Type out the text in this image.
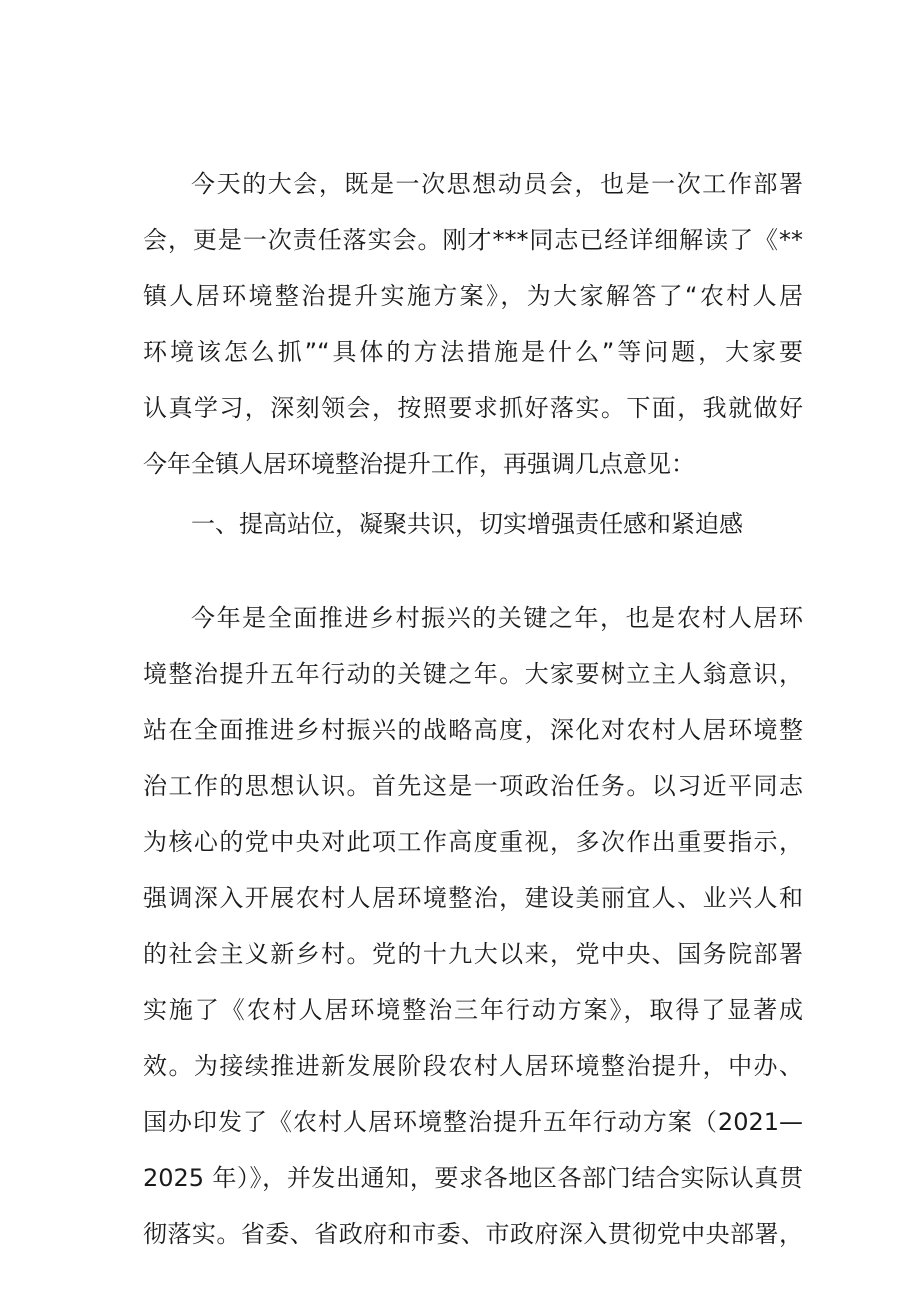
今天的大会，既是一次思想动员会，也是一次工作部署
会，更是一次责任落实会。刚才***同志已经详细解读了《**
镇人居环境整治提升实施方案》，为大家解答了“农村人居
环境该怎么抓”“具体的方法措施是什么”等问题，大家要
认真学习，深刻领会，按照要求抓好落实。下面，我就做好
今年全镇人居环境整治提升工作，再强调几点意见：
一、提高站位，凝聚共识，切实增强责任感和紧迫感
今年是全面推进乡村振兴的关键之年，也是农村人居环
境整治提升五年行动的关键之年。大家要树立主人翁意识，
站在全面推进乡村振兴的战略高度，深化对农村人居环境整
治工作的思想认识。首先这是一项政治任务。以习近平同志
为核心的党中央对此项工作高度重视，多次作出重要指示，
强调深入开展农村人居环境整治，建设美丽宜人、业兴人和
的社会主义新乡村。党的十九大以来，党中央、国务院部署
实施了《农村人居环境整治三年行动方案》，取得了显著成
效。为接续推进新发展阶段农村人居环境整治提升，中办、
国办印发了《农村人居环境整治提升五年行动方案（2021—
2025 年）》，并发出通知，要求各地区各部门结合实际认真贯
彻落实。省委、省政府和市委、市政府深入贯彻党中央部署，
